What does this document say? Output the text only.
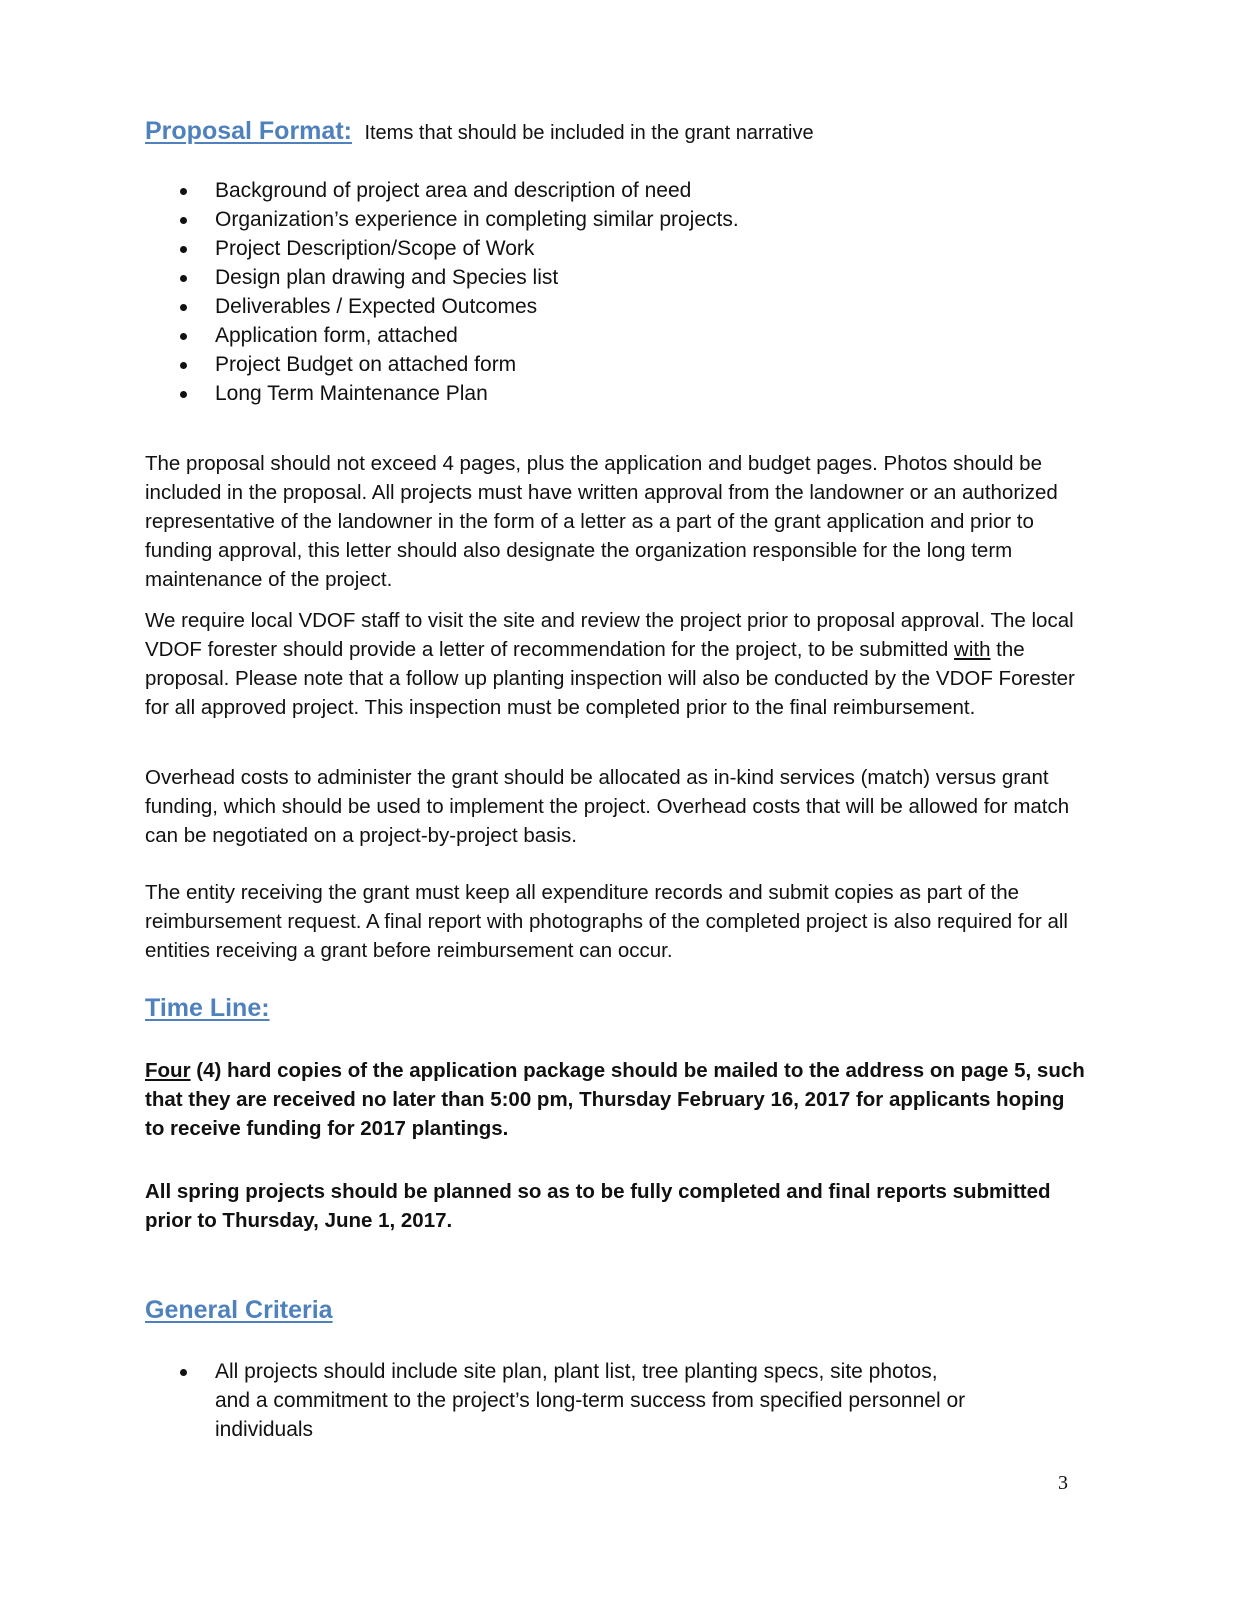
Proposal Format: Items that should be included in the grant narrative
Background of project area and description of need
Organization’s experience in completing similar projects.
Project Description/Scope of Work
Design plan drawing and Species list
Deliverables / Expected Outcomes
Application form, attached
Project Budget on attached form
Long Term Maintenance Plan

The proposal should not exceed 4 pages, plus the application and budget pages. Photos should be included in the proposal. All projects must have written approval from the landowner or an authorized representative of the landowner in the form of a letter as a part of the grant application and prior to funding approval, this letter should also designate the organization responsible for the long term maintenance of the project.

We require local VDOF staff to visit the site and review the project prior to proposal approval. The local VDOF forester should provide a letter of recommendation for the project, to be submitted with the proposal. Please note that a follow up planting inspection will also be conducted by the VDOF Forester for all approved project. This inspection must be completed prior to the final reimbursement.

Overhead costs to administer the grant should be allocated as in-kind services (match) versus grant funding, which should be used to implement the project. Overhead costs that will be allowed for match can be negotiated on a project-by-project basis.

The entity receiving the grant must keep all expenditure records and submit copies as part of the reimbursement request. A final report with photographs of the completed project is also required for all entities receiving a grant before reimbursement can occur.

Time Line:

Four (4) hard copies of the application package should be mailed to the address on page 5, such that they are received no later than 5:00 pm, Thursday February 16, 2017 for applicants hoping to receive funding for 2017 plantings.

All spring projects should be planned so as to be fully completed and final reports submitted prior to Thursday, June 1, 2017.

General Criteria
All projects should include site plan, plant list, tree planting specs, site photos, and a commitment to the project’s long-term success from specified personnel or individuals
3
